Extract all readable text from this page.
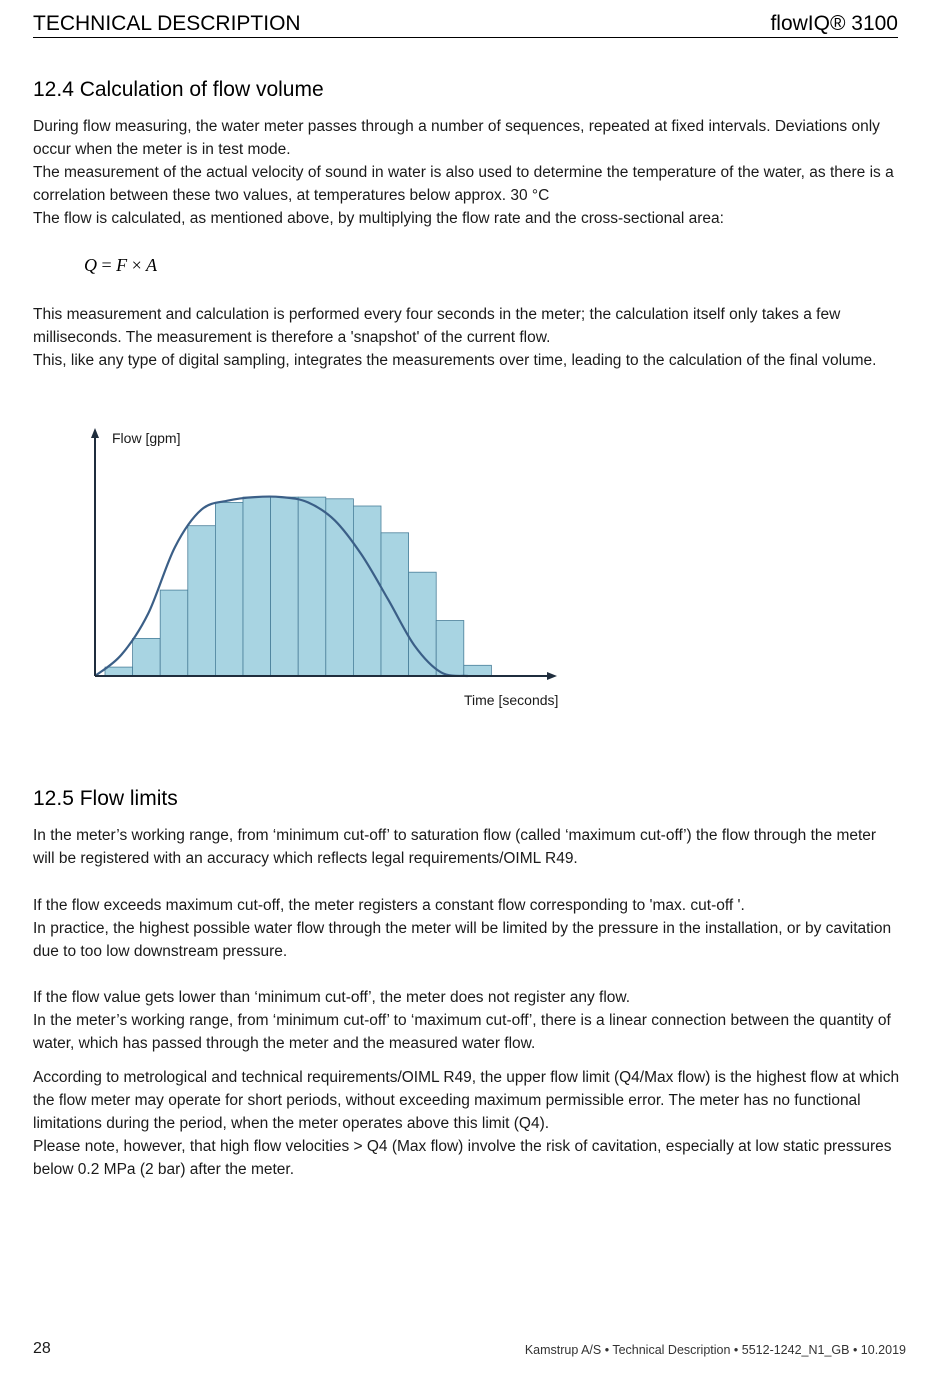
TECHNICAL DESCRIPTION	flowIQ® 3100
12.4 Calculation of flow volume

During flow measuring, the water meter passes through a number of sequences, repeated at fixed intervals. Deviations only occur when the meter is in test mode.

The measurement of the actual velocity of sound in water is also used to determine the temperature of the water, as there is a correlation between these two values, at temperatures below approx. 30 °C

The flow is calculated, as mentioned above, by multiplying the flow rate and the cross-sectional area:

Q = F × A

This measurement and calculation is performed every four seconds in the meter; the calculation itself only takes a few milliseconds. The measurement is therefore a 'snapshot' of the current flow.

This, like any type of digital sampling, integrates the measurements over time, leading to the calculation of the final volume.

Flow [gpm]
Time [seconds]
12.5 Flow limits

In the meter’s working range, from ‘minimum cut-off’ to saturation flow (called ‘maximum cut-off’) the flow through the meter will be registered with an accuracy which reflects legal requirements/OIML R49.

If the flow exceeds maximum cut-off, the meter registers a constant flow corresponding to 'max. cut-off '.

In practice, the highest possible water flow through the meter will be limited by the pressure in the installation, or by cavitation due to too low downstream pressure.

If the flow value gets lower than ‘minimum cut-off’, the meter does not register any flow.

In the meter’s working range, from ‘minimum cut-off’ to ‘maximum cut-off’, there is a linear connection between the quantity of water, which has passed through the meter and the measured water flow.

According to metrological and technical requirements/OIML R49, the upper flow limit (Q4/Max flow) is the highest flow at which the flow meter may operate for short periods, without exceeding maximum permissible error. The meter has no functional limitations during the period, when the meter operates above this limit (Q4).

Please note, however, that high flow velocities > Q4 (Max flow) involve the risk of cavitation, especially at low static pressures below 0.2 MPa (2 bar) after the meter.

28	Kamstrup A/S • Technical Description • 5512-1242_N1_GB • 10.2019
